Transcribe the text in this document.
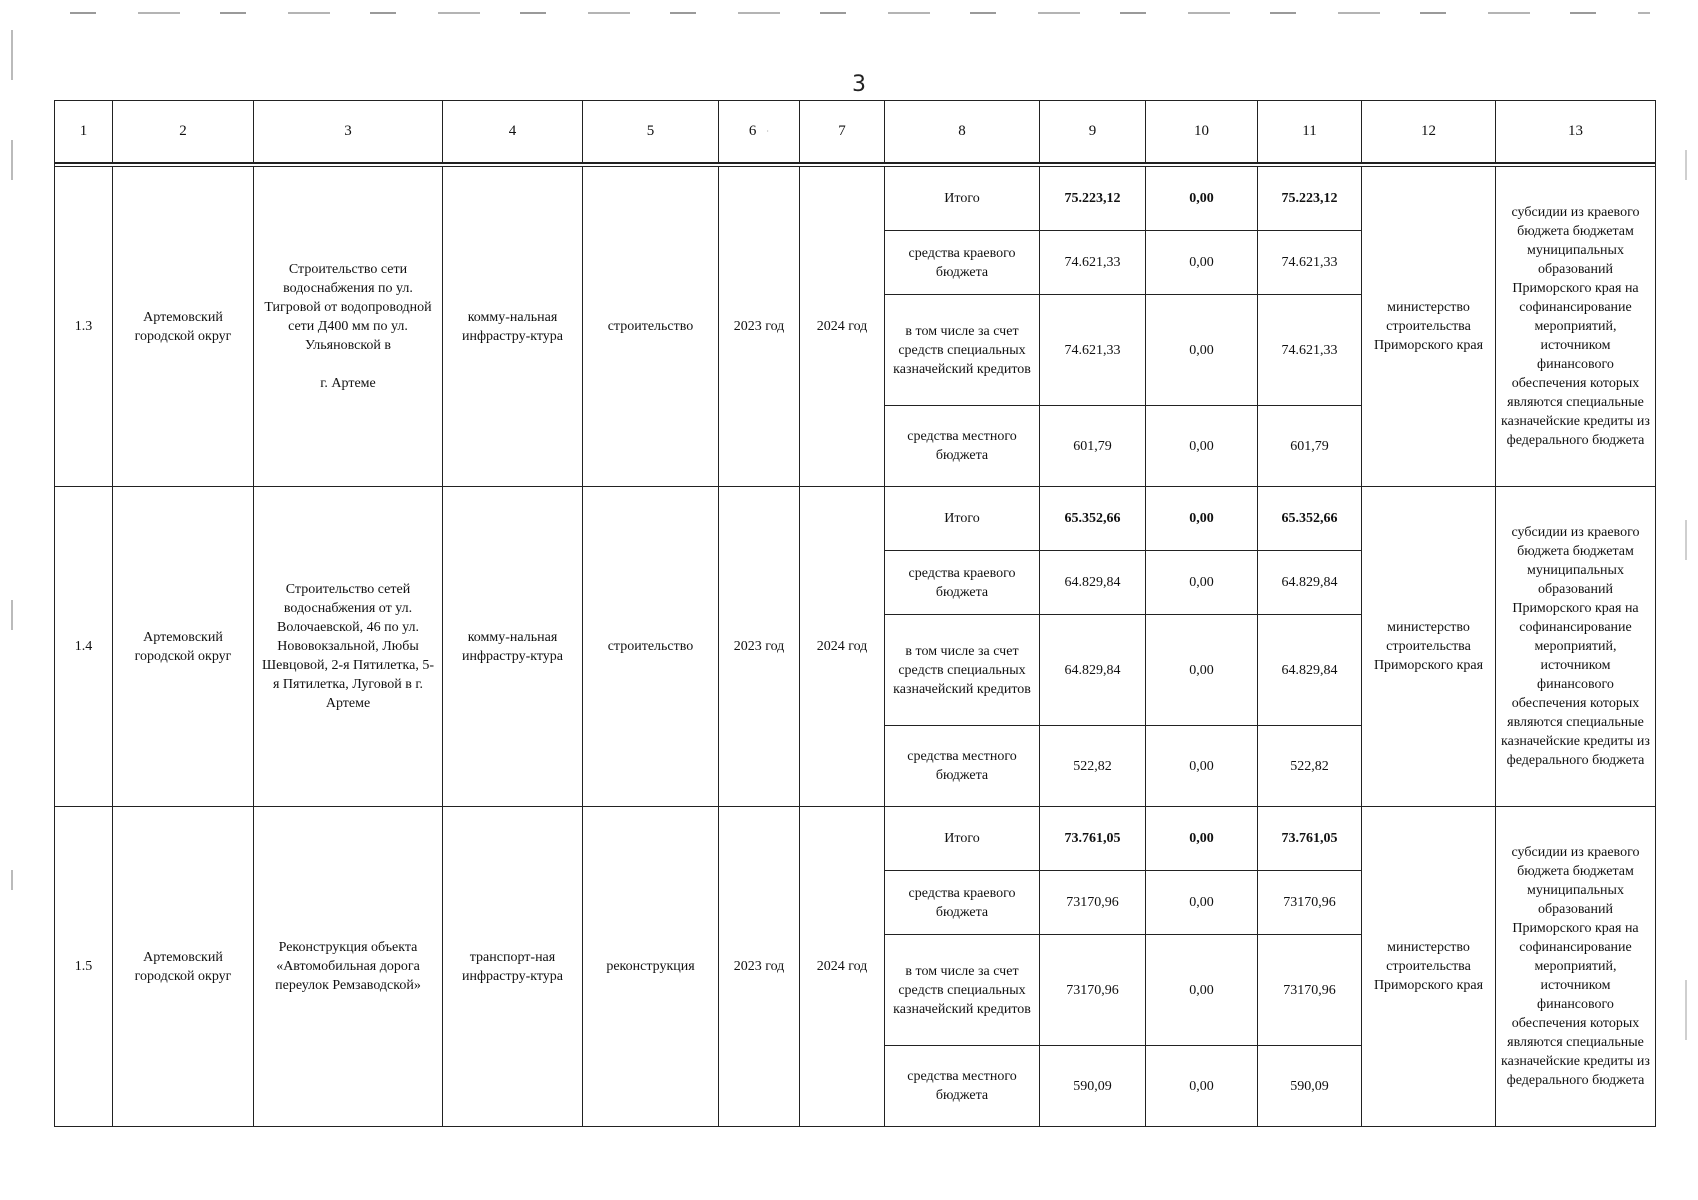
3
1	2	3	4	5	6 ·	7	8	9	10	11	12	13

1.3	Артемовский городской округ	Строительство сети водоснабжения по ул. Тигровой от водопроводной сети Д400 мм по ул. Ульяновской в

г. Артеме	комму-нальная инфрастру-ктура	строительство	2023 год	2024 год	Итого	75.223,12	0,00	75.223,12	министерство строительства Приморского края	субсидии из краевого бюджета бюджетам муниципальных образований Приморского края на софинансирование мероприятий, источником финансового обеспечения которых являются специальные казначейские кредиты из федерального бюджета
							средства краевого бюджета	74.621,33	0,00	74.621,33		
							в том числе за счет средств специальных казначейский кредитов	74.621,33	0,00	74.621,33		
							средства местного бюджета	601,79	0,00	601,79		
1.4	Артемовский городской округ	Строительство сетей водоснабжения от ул. Волочаевской, 46 по ул. Нововокзальной, Любы Шевцовой, 2-я Пятилетка, 5-я Пятилетка, Луговой в г. Артеме	комму-нальная инфрастру-ктура	строительство	2023 год	2024 год	Итого	65.352,66	0,00	65.352,66	министерство строительства Приморского края	субсидии из краевого бюджета бюджетам муниципальных образований Приморского края на софинансирование мероприятий, источником финансового обеспечения которых являются специальные казначейские кредиты из федерального бюджета
							средства краевого бюджета	64.829,84	0,00	64.829,84		
							в том числе за счет средств специальных казначейский кредитов	64.829,84	0,00	64.829,84		
							средства местного бюджета	522,82	0,00	522,82		
1.5	Артемовский городской округ	Реконструкция объекта «Автомобильная дорога переулок Ремзаводской»	транспорт-ная инфрастру-ктура	реконструкция	2023 год	2024 год	Итого	73.761,05	0,00	73.761,05	министерство строительства Приморского края	субсидии из краевого бюджета бюджетам муниципальных образований Приморского края на софинансирование мероприятий, источником финансового обеспечения которых являются специальные казначейские кредиты из федерального бюджета
							средства краевого бюджета	73170,96	0,00	73170,96		
							в том числе за счет средств специальных казначейский кредитов	73170,96	0,00	73170,96		
							средства местного бюджета	590,09	0,00	590,09		
